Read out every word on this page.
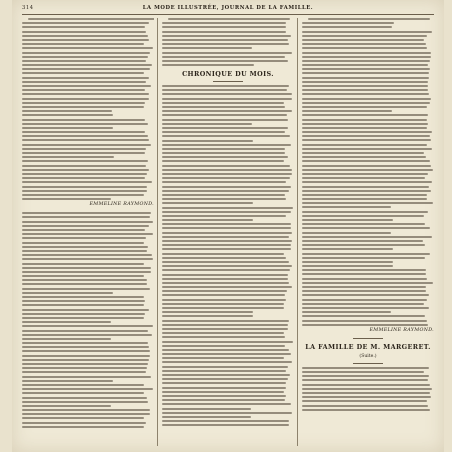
314	LA MODE ILLUSTRÉE, JOURNAL DE LA FAMILLE.
EMMELINE RAYMOND.
CHRONIQUE DU MOIS.
EMMELINE RAYMOND.
LA FAMILLE DE M. MARGERET.
(Suite.)
